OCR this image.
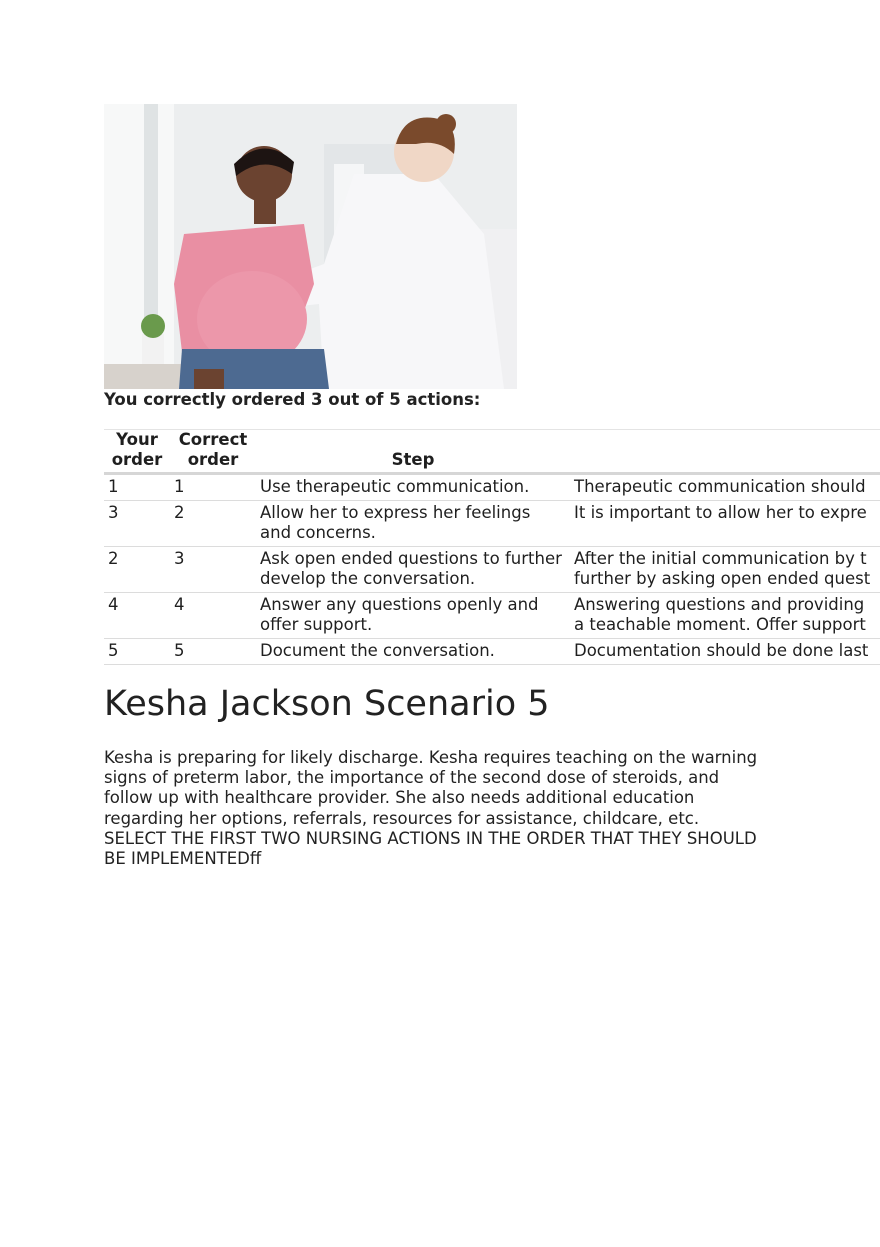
You correctly ordered 3 out of 5 actions:
Your order	Correct order	Step	
1	1	Use therapeutic communication.	Therapeutic communication should
3	2	Allow her to express her feelings and concerns.	It is important to allow her to expre
2	3	Ask open ended questions to further develop the conversation.	After the initial communication by t
further by asking open ended quest

4	4	Answer any questions openly and offer support.	Answering questions and providing
a teachable moment. Offer support

5	5	Document the conversation.	Documentation should be done last
Kesha Jackson Scenario 5

Kesha is preparing for likely discharge. Kesha requires teaching on the warning signs of preterm labor, the importance of the second dose of steroids, and follow up with healthcare provider. She also needs additional education regarding her options, referrals, resources for assistance, childcare, etc. SELECT THE FIRST TWO NURSING ACTIONS IN THE ORDER THAT THEY SHOULD BE IMPLEMENTEDff
